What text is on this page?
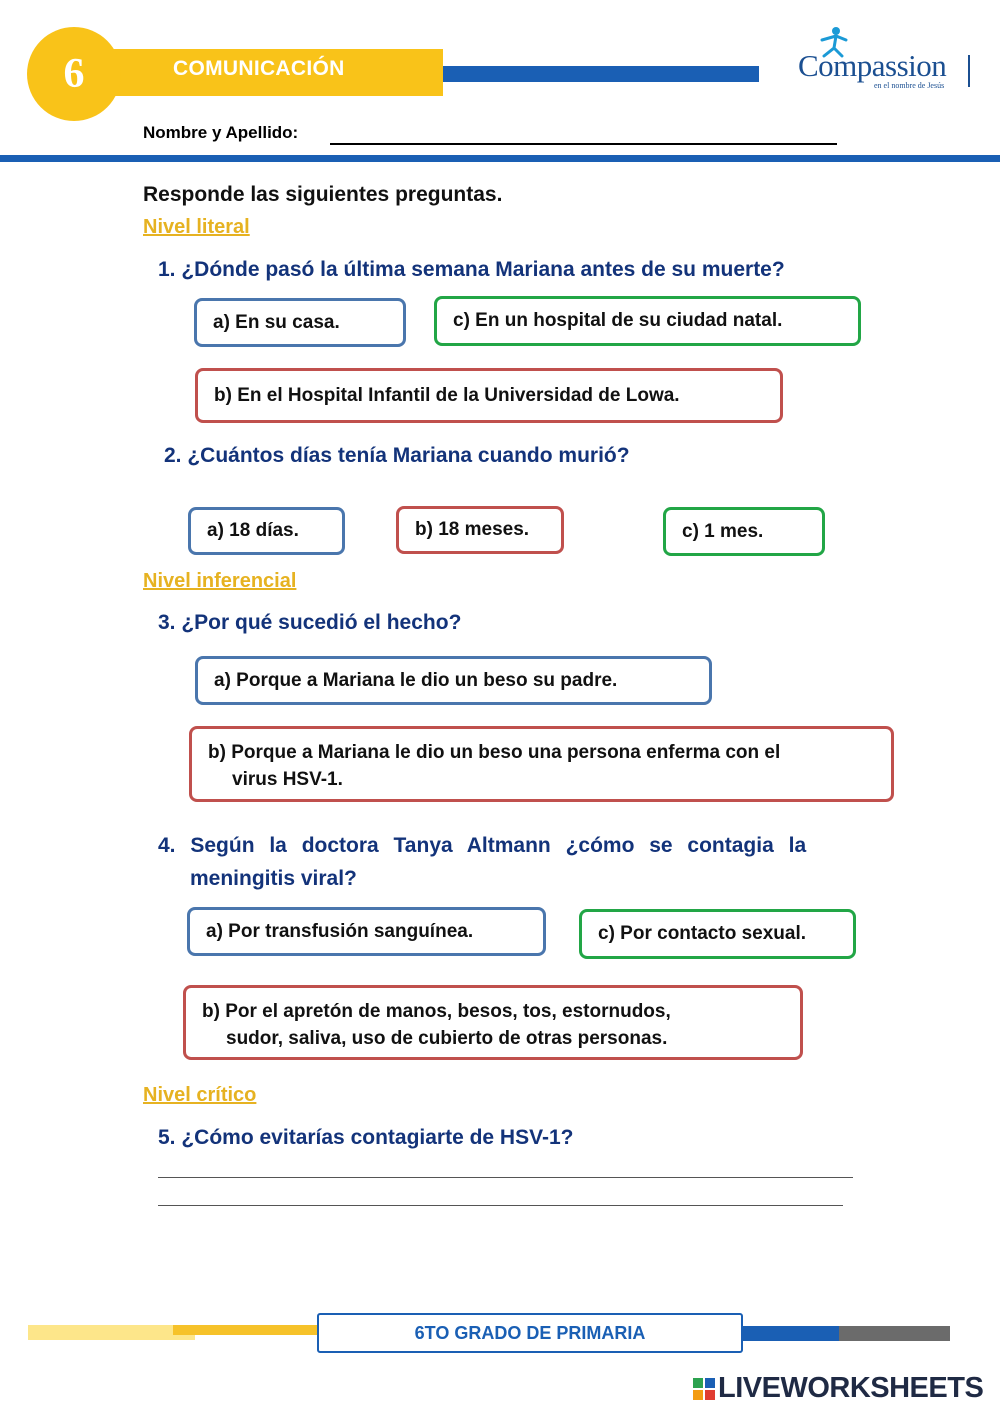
6	COMUNICACIÓN	Compassion
en el nombre de Jesús
Nombre y Apellido:
Responde las siguientes preguntas.
Nivel literal
1. ¿Dónde pasó la última semana Mariana antes de su muerte?
a) En su casa.	c) En un hospital de su ciudad natal.
b) En el Hospital Infantil de la Universidad de Lowa.
2. ¿Cuántos días tenía Mariana cuando murió?
a) 18 días.	b) 18 meses.	c) 1 mes.
Nivel inferencial
3. ¿Por qué sucedió el hecho?
a) Porque a Mariana le dio un beso su padre.
b) Porque a Mariana le dio un beso una persona enferma con el
virus HSV-1.
4. Según la doctora Tanya Altmann ¿cómo se contagia la
meningitis viral?
a) Por transfusión sanguínea.	c) Por contacto sexual.
b) Por el apretón de manos, besos, tos, estornudos,
sudor, saliva, uso de cubierto de otras personas.
Nivel crítico
5. ¿Cómo evitarías contagiarte de HSV-1?
6TO GRADO DE PRIMARIA
LIVEWORKSHEETS
